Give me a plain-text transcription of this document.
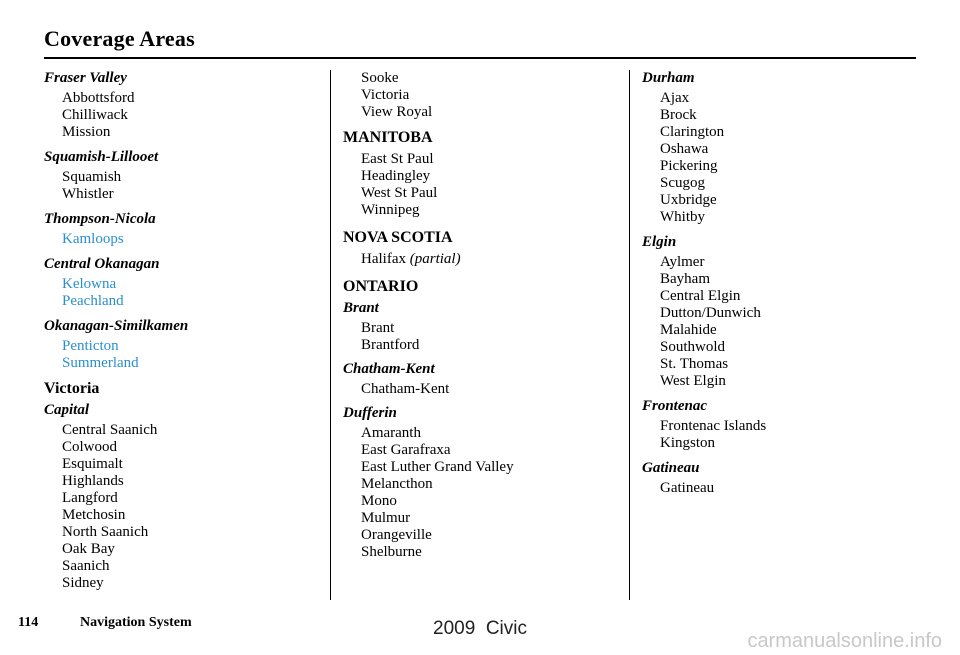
Coverage Areas
Fraser Valley
Abbottsford
Chilliwack
Mission
Squamish-Lillooet
Squamish
Whistler
Thompson-Nicola
Kamloops
Central Okanagan
Kelowna
Peachland
Okanagan-Similkamen
Penticton
Summerland
Victoria
Capital
Central Saanich
Colwood
Esquimalt
Highlands
Langford
Metchosin
North Saanich
Oak Bay
Saanich
Sidney
Sooke
Victoria
View Royal
MANITOBA
East St Paul
Headingley
West St Paul
Winnipeg
NOVA SCOTIA
Halifax (partial)
ONTARIO
Brant
Brant
Brantford
Chatham-Kent
Chatham-Kent
Dufferin
Amaranth
East Garafraxa
East Luther Grand Valley
Melancthon
Mono
Mulmur
Orangeville
Shelburne
Durham
Ajax
Brock
Clarington
Oshawa
Pickering
Scugog
Uxbridge
Whitby
Elgin
Aylmer
Bayham
Central Elgin
Dutton/Dunwich
Malahide
Southwold
St. Thomas
West Elgin
Frontenac
Frontenac Islands
Kingston
Gatineau
Gatineau
114	Navigation System	2009  Civic
carmanualsonline.info
